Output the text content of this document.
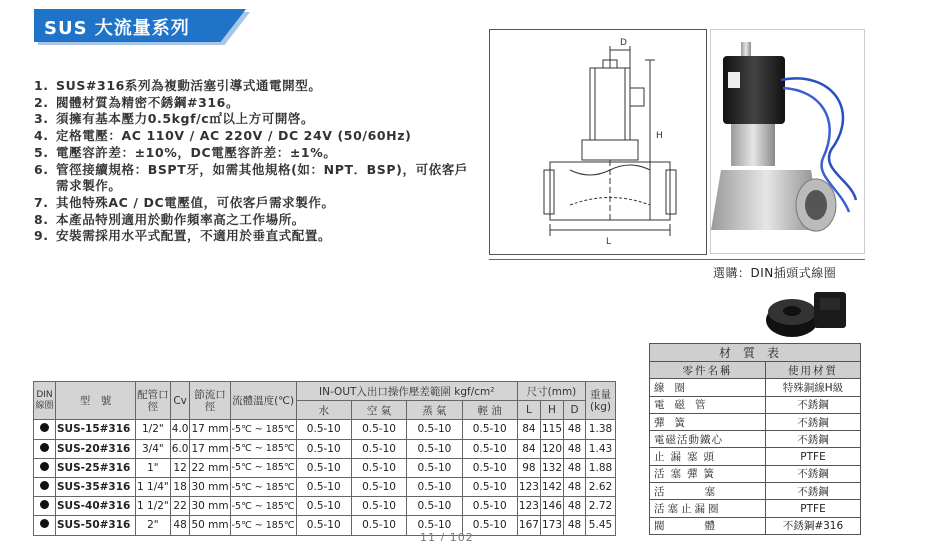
SUS 大流量系列
1. SUS#316系列為複動活塞引導式通電開型。
2. 閥體材質為精密不銹鋼#316。
3. 須擁有基本壓力0.5kgf/c㎡以上方可開啓。
4. 定格電壓：AC 110V / AC 220V / DC 24V (50/60Hz)
5. 電壓容許差：±10%，DC電壓容許差：±1%。
6. 管徑接續規格：BSPT牙，如需其他規格(如：NPT．BSP)，可依客戶需求製作。
7. 其他特殊AC / DC電壓值，可依客戶需求製作。
8. 本產品特別適用於動作頻率高之工作場所。
9. 安裝需採用水平式配置，不適用於垂直式配置。
D
H
L
選購：DIN插頭式線圈
材質表	
零件名稱	使用材質
線圈	特殊銅線H級
電磁管	不銹鋼
彈簧	不銹鋼
電磁活動鐵心	不銹鋼
止漏塞頭	PTFE
活塞彈簧	不銹鋼
活塞	不銹鋼
活塞止漏圈	PTFE
閥體	不銹鋼#316
DIN線圈	型　號	配管口徑	Cv	節流口徑	流體溫度(℃)	IN-OUT入出口操作壓差範圍 kgf/cm²				尺寸(mm)			重量(kg)
						水	空 氣	蒸 氣	輕 油	L	H	D	
	SUS-15#316	1/2"	4.0	17 mm	-5℃ ~ 185℃	0.5-10	0.5-10	0.5-10	0.5-10	84	115	48	1.38
	SUS-20#316	3/4"	6.0	17 mm	-5℃ ~ 185℃	0.5-10	0.5-10	0.5-10	0.5-10	84	120	48	1.43
	SUS-25#316	1"	12	22 mm	-5℃ ~ 185℃	0.5-10	0.5-10	0.5-10	0.5-10	98	132	48	1.88
	SUS-35#316	1 1/4"	18	30 mm	-5℃ ~ 185℃	0.5-10	0.5-10	0.5-10	0.5-10	123	142	48	2.62
	SUS-40#316	1 1/2"	22	30 mm	-5℃ ~ 185℃	0.5-10	0.5-10	0.5-10	0.5-10	123	146	48	2.72
	SUS-50#316	2"	48	50 mm	-5℃ ~ 185℃	0.5-10	0.5-10	0.5-10	0.5-10	167	173	48	5.45
11 / 102
